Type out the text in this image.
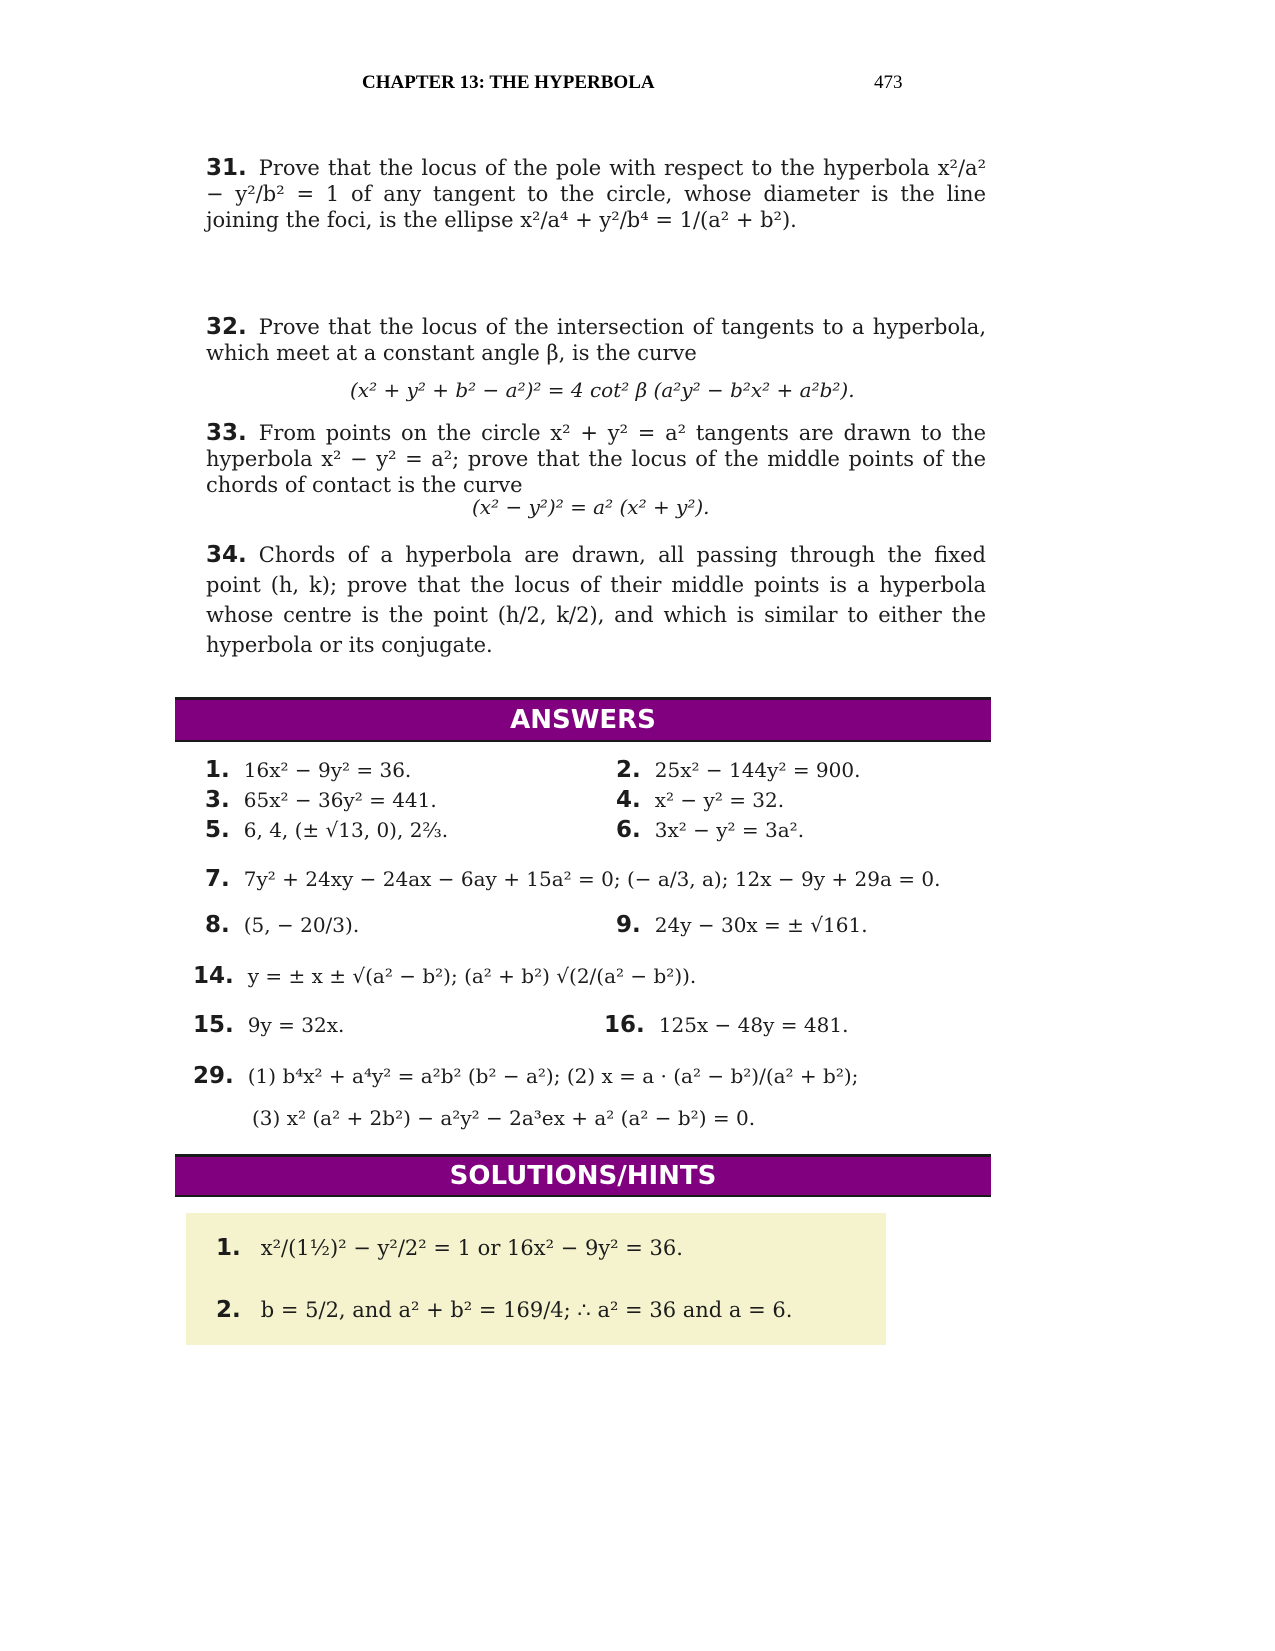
CHAPTER 13: THE HYPERBOLA	473
31. Prove that the locus of the pole with respect to the hyperbola x²/a² − y²/b² = 1 of any tangent to the circle, whose diameter is the line joining the foci, is the ellipse x²/a⁴ + y²/b⁴ = 1/(a² + b²).
32. Prove that the locus of the intersection of tangents to a hyperbola, which meet at a constant angle β, is the curve
(x² + y² + b² − a²)² = 4 cot² β (a²y² − b²x² + a²b²).
33. From points on the circle x² + y² = a² tangents are drawn to the hyperbola x² − y² = a²; prove that the locus of the middle points of the chords of contact is the curve
(x² − y²)² = a² (x² + y²).
34. Chords of a hyperbola are drawn, all passing through the fixed point (h, k); prove that the locus of their middle points is a hyperbola whose centre is the point (h/2, k/2), and which is similar to either the hyperbola or its conjugate.
ANSWERS
1. 16x² − 9y² = 36.	2. 25x² − 144y² = 900.
3. 65x² − 36y² = 441.	4. x² − y² = 32.
5. 6, 4, (± √13, 0), 2⅔.	6. 3x² − y² = 3a².
7. 7y² + 24xy − 24ax − 6ay + 15a² = 0; (− a/3, a); 12x − 9y + 29a = 0.
8. (5, − 20/3).	9. 24y − 30x = ± √161.
14. y = ± x ± √(a² − b²); (a² + b²) √(2/(a² − b²)).
15. 9y = 32x.	16. 125x − 48y = 481.
29. (1) b⁴x² + a⁴y² = a²b² (b² − a²); (2) x = a · (a² − b²)/(a² + b²);
(3) x² (a² + 2b²) − a²y² − 2a³ex + a² (a² − b²) = 0.
SOLUTIONS/HINTS
1. x²/(1½)² − y²/2² = 1 or 16x² − 9y² = 36.
2. b = 5/2, and a² + b² = 169/4; ∴ a² = 36 and a = 6.
